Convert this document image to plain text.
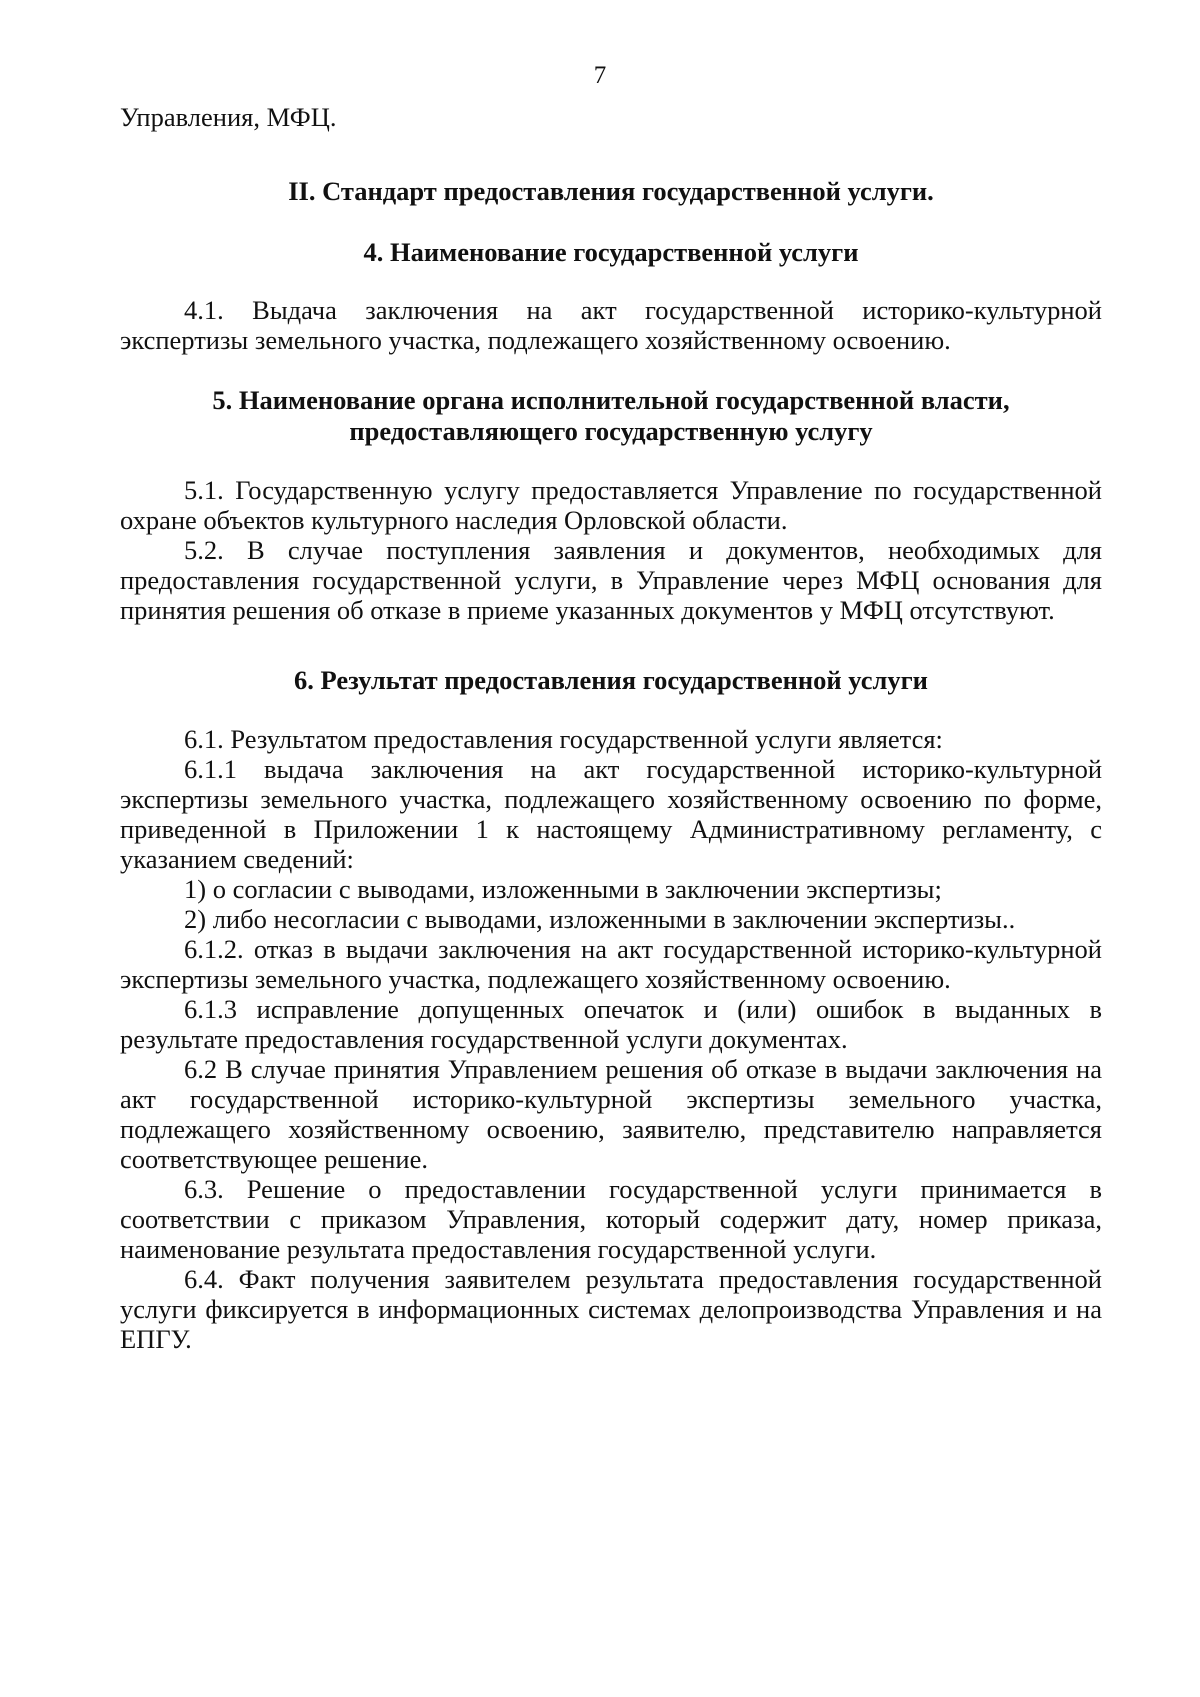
7

Управления, МФЦ.

II. Стандарт предоставления государственной услуги.

4. Наименование государственной услуги

4.1. Выдача заключения на акт государственной историко-культурной экспертизы земельного участка, подлежащего хозяйственному освоению.

5. Наименование органа исполнительной государственной власти,
предоставляющего государственную услугу

5.1. Государственную услугу предоставляется Управление по государственной охране объектов культурного наследия Орловской области.

5.2. В случае поступления заявления и документов, необходимых для предоставления государственной услуги, в Управление через МФЦ основания для принятия решения об отказе в приеме указанных документов у МФЦ отсутствуют.

6. Результат предоставления государственной услуги

6.1. Результатом предоставления государственной услуги является:

6.1.1 выдача заключения на акт государственной историко-культурной экспертизы земельного участка, подлежащего хозяйственному освоению по форме, приведенной в Приложении 1 к настоящему Административному регламенту, с указанием сведений:

1) о согласии с выводами, изложенными в заключении экспертизы;

2) либо несогласии с выводами, изложенными в заключении экспертизы..

6.1.2. отказ в выдачи заключения на акт государственной историко-культурной экспертизы земельного участка, подлежащего хозяйственному освоению.

6.1.3 исправление допущенных опечаток и (или) ошибок в выданных в результате предоставления государственной услуги документах.

6.2 В случае принятия Управлением решения об отказе в выдачи заключения на акт государственной историко-культурной экспертизы земельного участка, подлежащего хозяйственному освоению, заявителю, представителю направляется соответствующее решение.

6.3. Решение о предоставлении государственной услуги принимается в соответствии с приказом Управления, который содержит дату, номер приказа, наименование результата предоставления государственной услуги.

6.4. Факт получения заявителем результата предоставления государственной услуги фиксируется в информационных системах делопроизводства Управления и на ЕПГУ.
